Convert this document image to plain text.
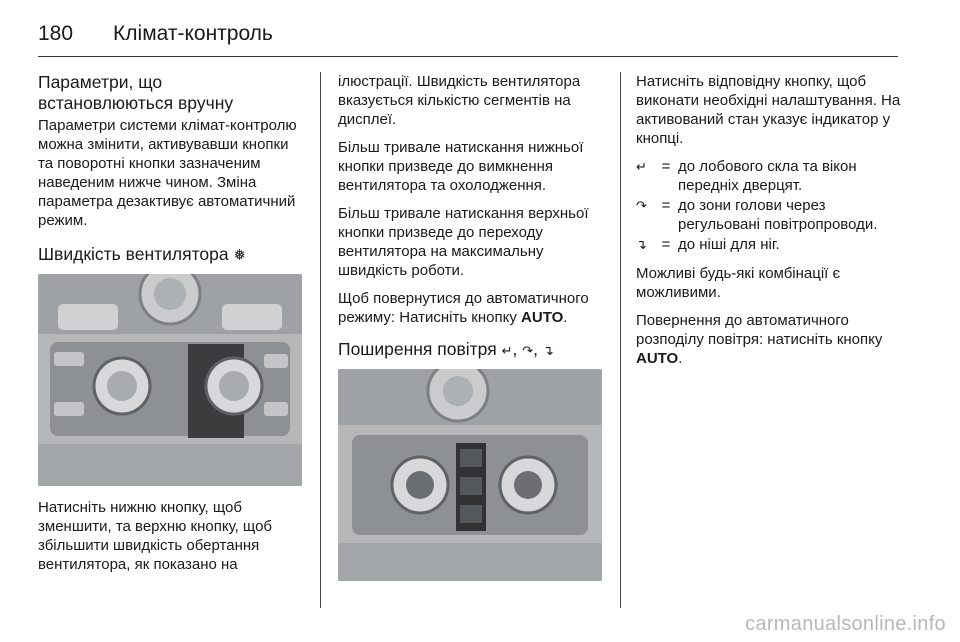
180 Клімат-контроль
Параметри, що встановлюються вручну

Параметри системи клімат-контролю можна змінити, активувавши кнопки та поворотні кнопки зазначеним наведеним нижче чином. Зміна параметра дезактивує автоматичний режим.

Швидкість вентилятора ❅

Натисніть нижню кнопку, щоб зменшити, та верхню кнопку, щоб збільшити швидкість обертання вентилятора, як показано на

ілюстрації. Швидкість вентилятора вказується кількістю сегментів на дисплеї.

Більш тривале натискання нижньої кнопки призведе до вимкнення вентилятора та охолодження.

Більш тривале натискання верхньої кнопки призведе до переходу вентилятора на максимальну швидкість роботи.

Щоб повернутися до автоматичного режиму: Натисніть кнопку AUTO.

Поширення повітря ↵, ↷, ↴

Натисніть відповідну кнопку, щоб виконати необхідні налаштування. На активований стан указує індикатор у кнопці.

↵ = до лобового скла та вікон передніх дверцят.
↷ = до зони голови через регульовані повітропроводи.
↴ = до ніші для ніг.

Можливі будь-які комбінації є можливими.

Повернення до автоматичного розподілу повітря: натисніть кнопку AUTO.

carmanualsonline.info
